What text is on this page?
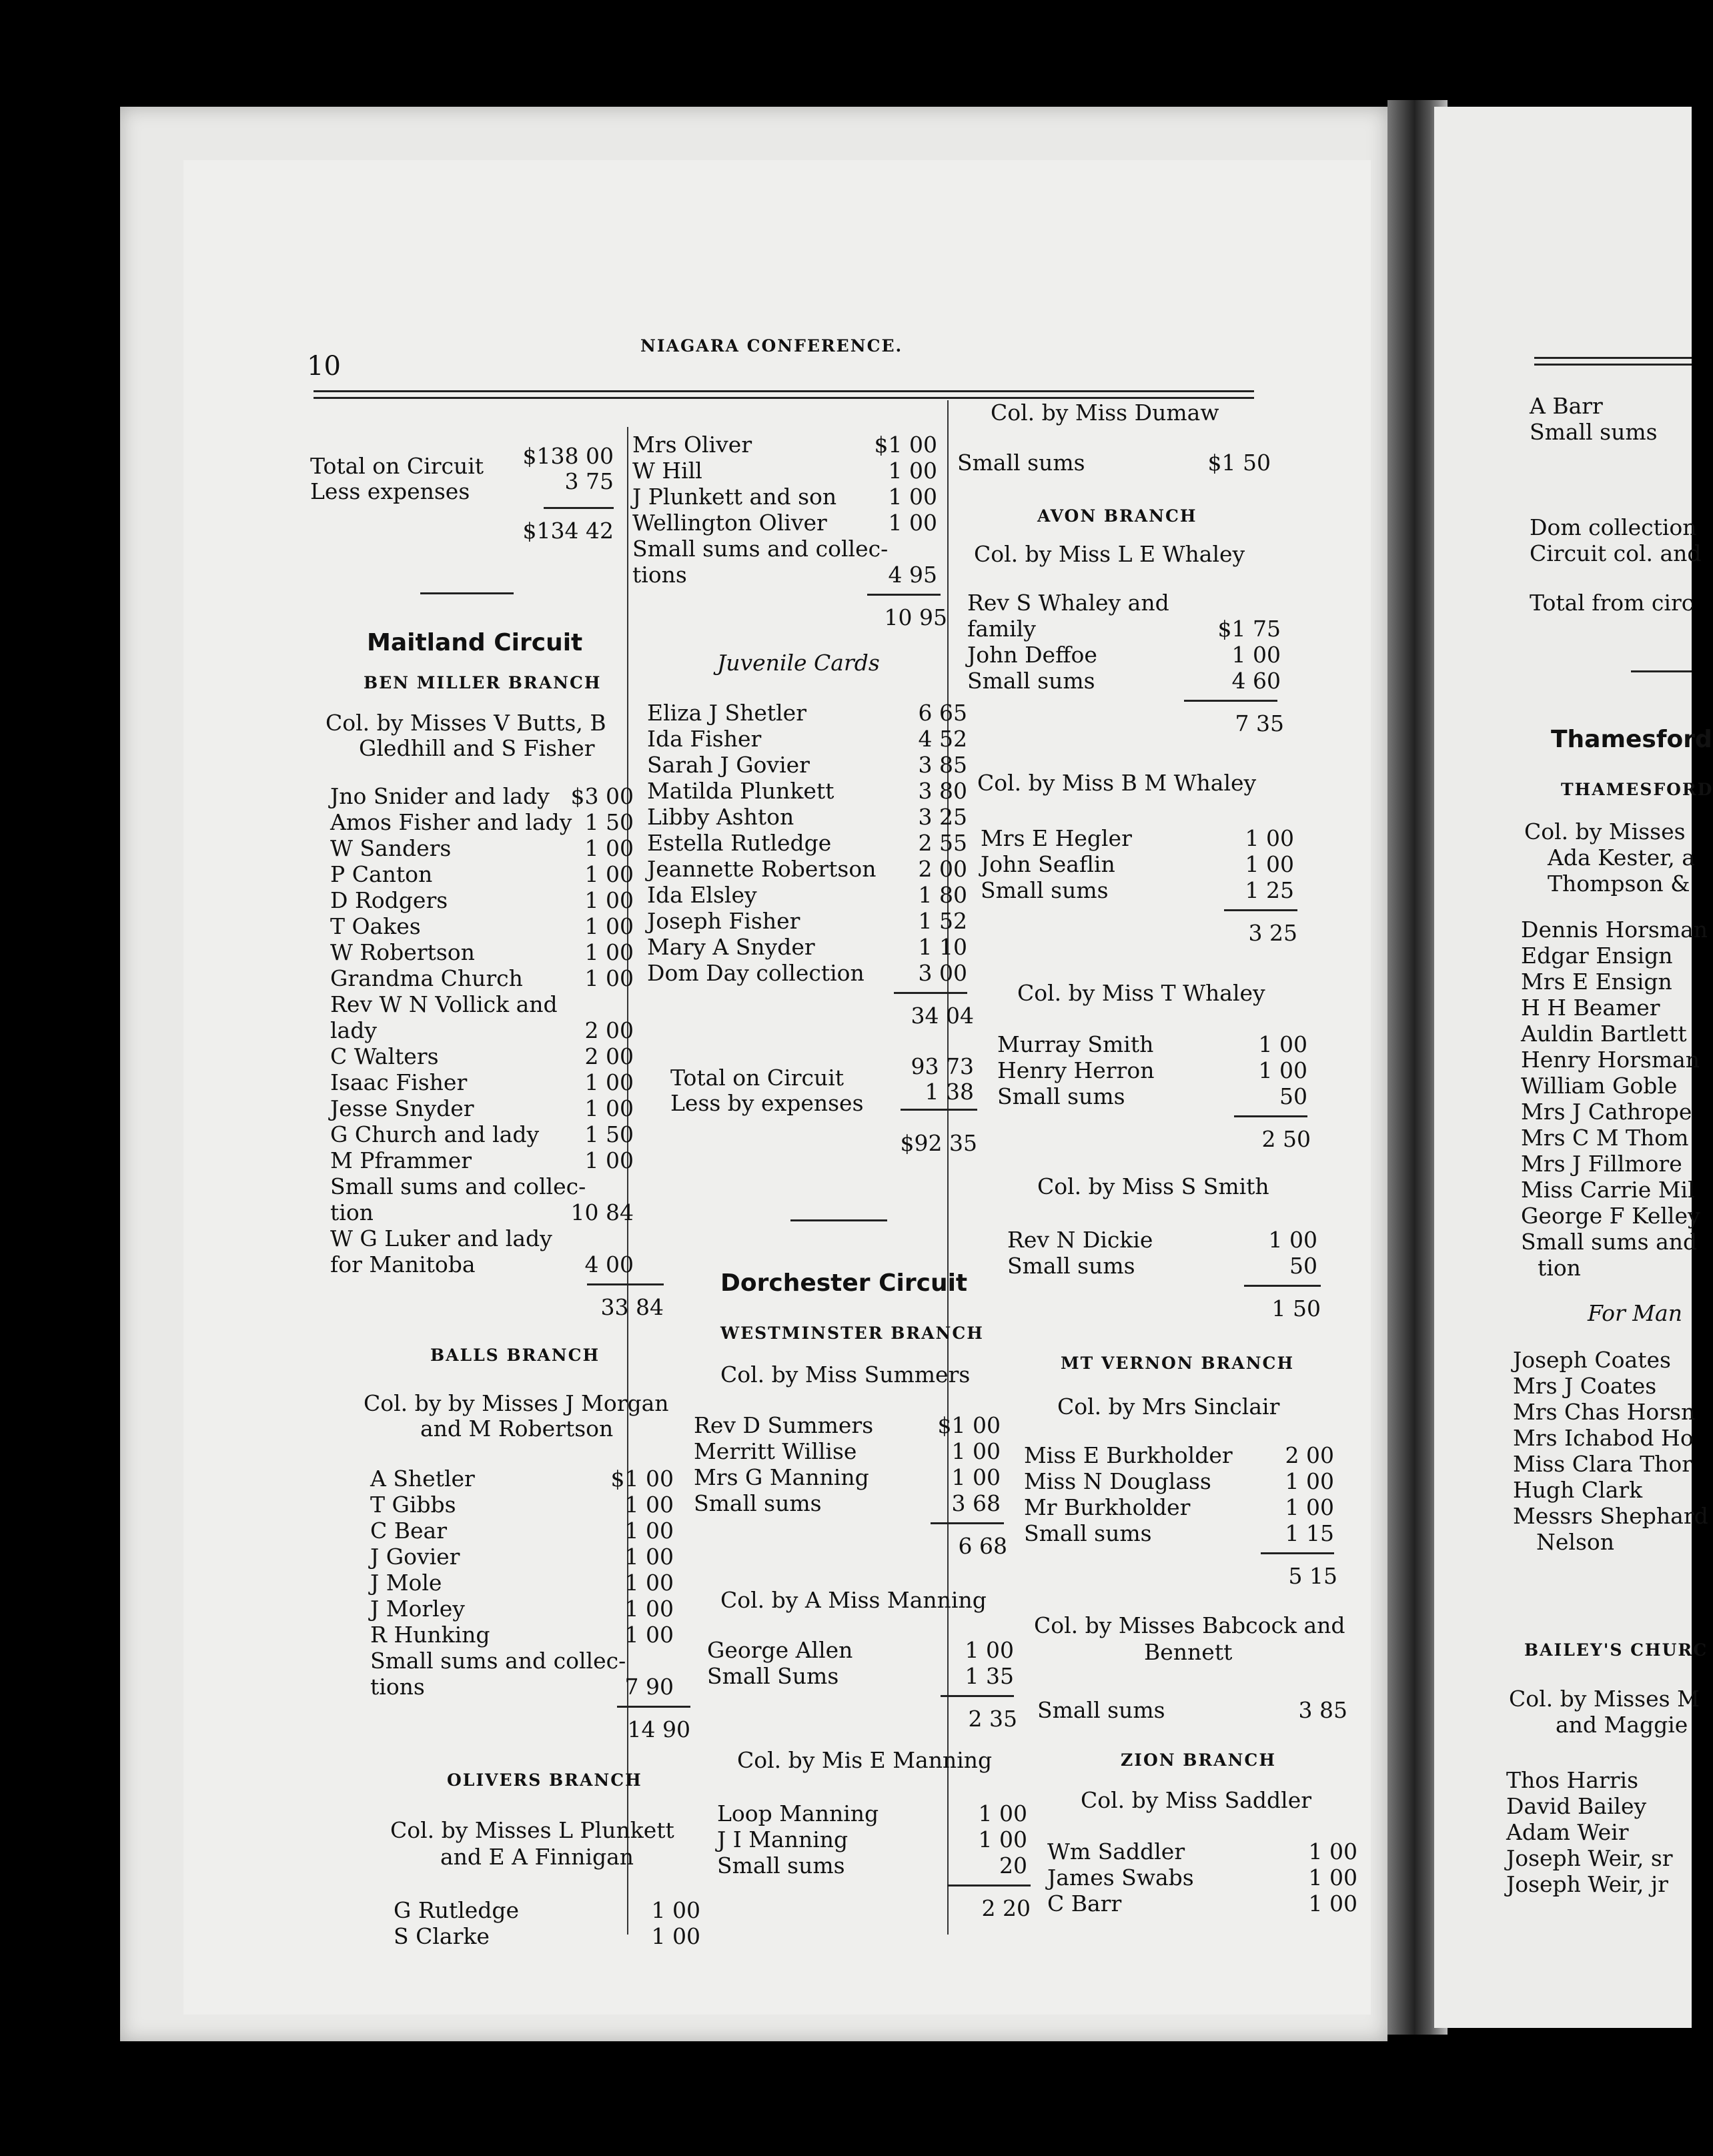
10
NIAGARA CONFERENCE.
Total on Circuit	$138 00
Less expenses	3 75
$134 42
Maitland Circuit
BEN MILLER BRANCH
Col. by Misses V Butts, B
Gledhill and S Fisher
Jno Snider and lady $3 00
Amos Fisher and lady 1 50
W Sanders	1 00
P Canton	1 00
D Rodgers	1 00
T Oakes	1 00
W Robertson	1 00
Grandma Church	1 00
Rev W N Vollick and
lady	2 00
C Walters	2 00
Isaac Fisher	1 00
Jesse Snyder	1 00
G Church and lady	1 50
M Pframmer	1 00
Small sums and collec-
tion	10 84
W G Luker and lady
for Manitoba	4 00
33 84
BALLS BRANCH
Col. by by Misses J Morgan
and M Robertson
A Shetler	$1 00
T Gibbs	1 00
C Bear	1 00
J Govier	1 00
J Mole	1 00
J Morley	1 00
R Hunking	1 00
Small sums and collec-
tions	7 90
14 90
OLIVERS BRANCH
Col. by Misses L Plunkett
and E A Finnigan
G Rutledge	1 00
S Clarke	1 00
Mrs Oliver	$1 00
W Hill	1 00
J Plunkett and son	1 00
Wellington Oliver	1 00
Small sums and collec-
tions	4 95
10 95
Juvenile Cards
Eliza J Shetler	6 65
Ida Fisher	4 52
Sarah J Govier	3 85
Matilda Plunkett	3 80
Libby Ashton	3 25
Estella Rutledge	2 55
Jeannette Robertson	2 00
Ida Elsley	1 80
Joseph Fisher	1 52
Mary A Snyder	1 10
Dom Day collection	3 00
34 04
Total on Circuit	93 73
Less by expenses	1 38
$92 35
Dorchester Circuit
WESTMINSTER BRANCH
Col. by Miss Summers
Rev D Summers	$1 00
Merritt Willise	1 00
Mrs G Manning	1 00
Small sums	3 68
6 68
Col. by A Miss Manning
George Allen	1 00
Small Sums	1 35
2 35
Col. by Mis E Manning
Loop Manning	1 00
J I Manning	1 00
Small sums	20
2 20
Col. by Miss Dumaw
Small sums	$1 50
AVON BRANCH
Col. by Miss L E Whaley
Rev S Whaley and
family	$1 75
John Deffoe	1 00
Small sums	4 60
7 35
Col. by Miss B M Whaley
Mrs E Hegler	1 00
John Seaflin	1 00
Small sums	1 25
3 25
Col. by Miss T Whaley
Murray Smith	1 00
Henry Herron	1 00
Small sums	50
2 50
Col. by Miss S Smith
Rev N Dickie	1 00
Small sums	50
1 50
MT VERNON BRANCH
Col. by Mrs Sinclair
Miss E Burkholder	2 00
Miss N Douglass	1 00
Mr Burkholder	1 00
Small sums	1 15
5 15
Col. by Misses Babcock and
Bennett
Small sums	3 85
ZION BRANCH
Col. by Miss Saddler
Wm Saddler	1 00
James Swabs	1 00
C Barr	1 00
A Barr
Small sums
Dom collection
Circuit col. and
Total from circ
Thamesford
THAMESFORD
Col. by Misses
Ada Kester, a
Thompson &
Dennis Horsman
Edgar Ensign
Mrs E Ensign
H H Beamer
Auldin Bartlett
Henry Horsman
William Goble
Mrs J Cathrope
Mrs C M Thom
Mrs J Fillmore
Miss Carrie Mil
George F Kelley
Small sums and
tion
For Man
Joseph Coates
Mrs J Coates
Mrs Chas Horsn
Mrs Ichabod Ho
Miss Clara Thor
Hugh Clark
Messrs Shephard
Nelson
BAILEY'S CHURC
Col. by Misses M
and Maggie
Thos Harris
David Bailey
Adam Weir
Joseph Weir, sr
Joseph Weir, jr
